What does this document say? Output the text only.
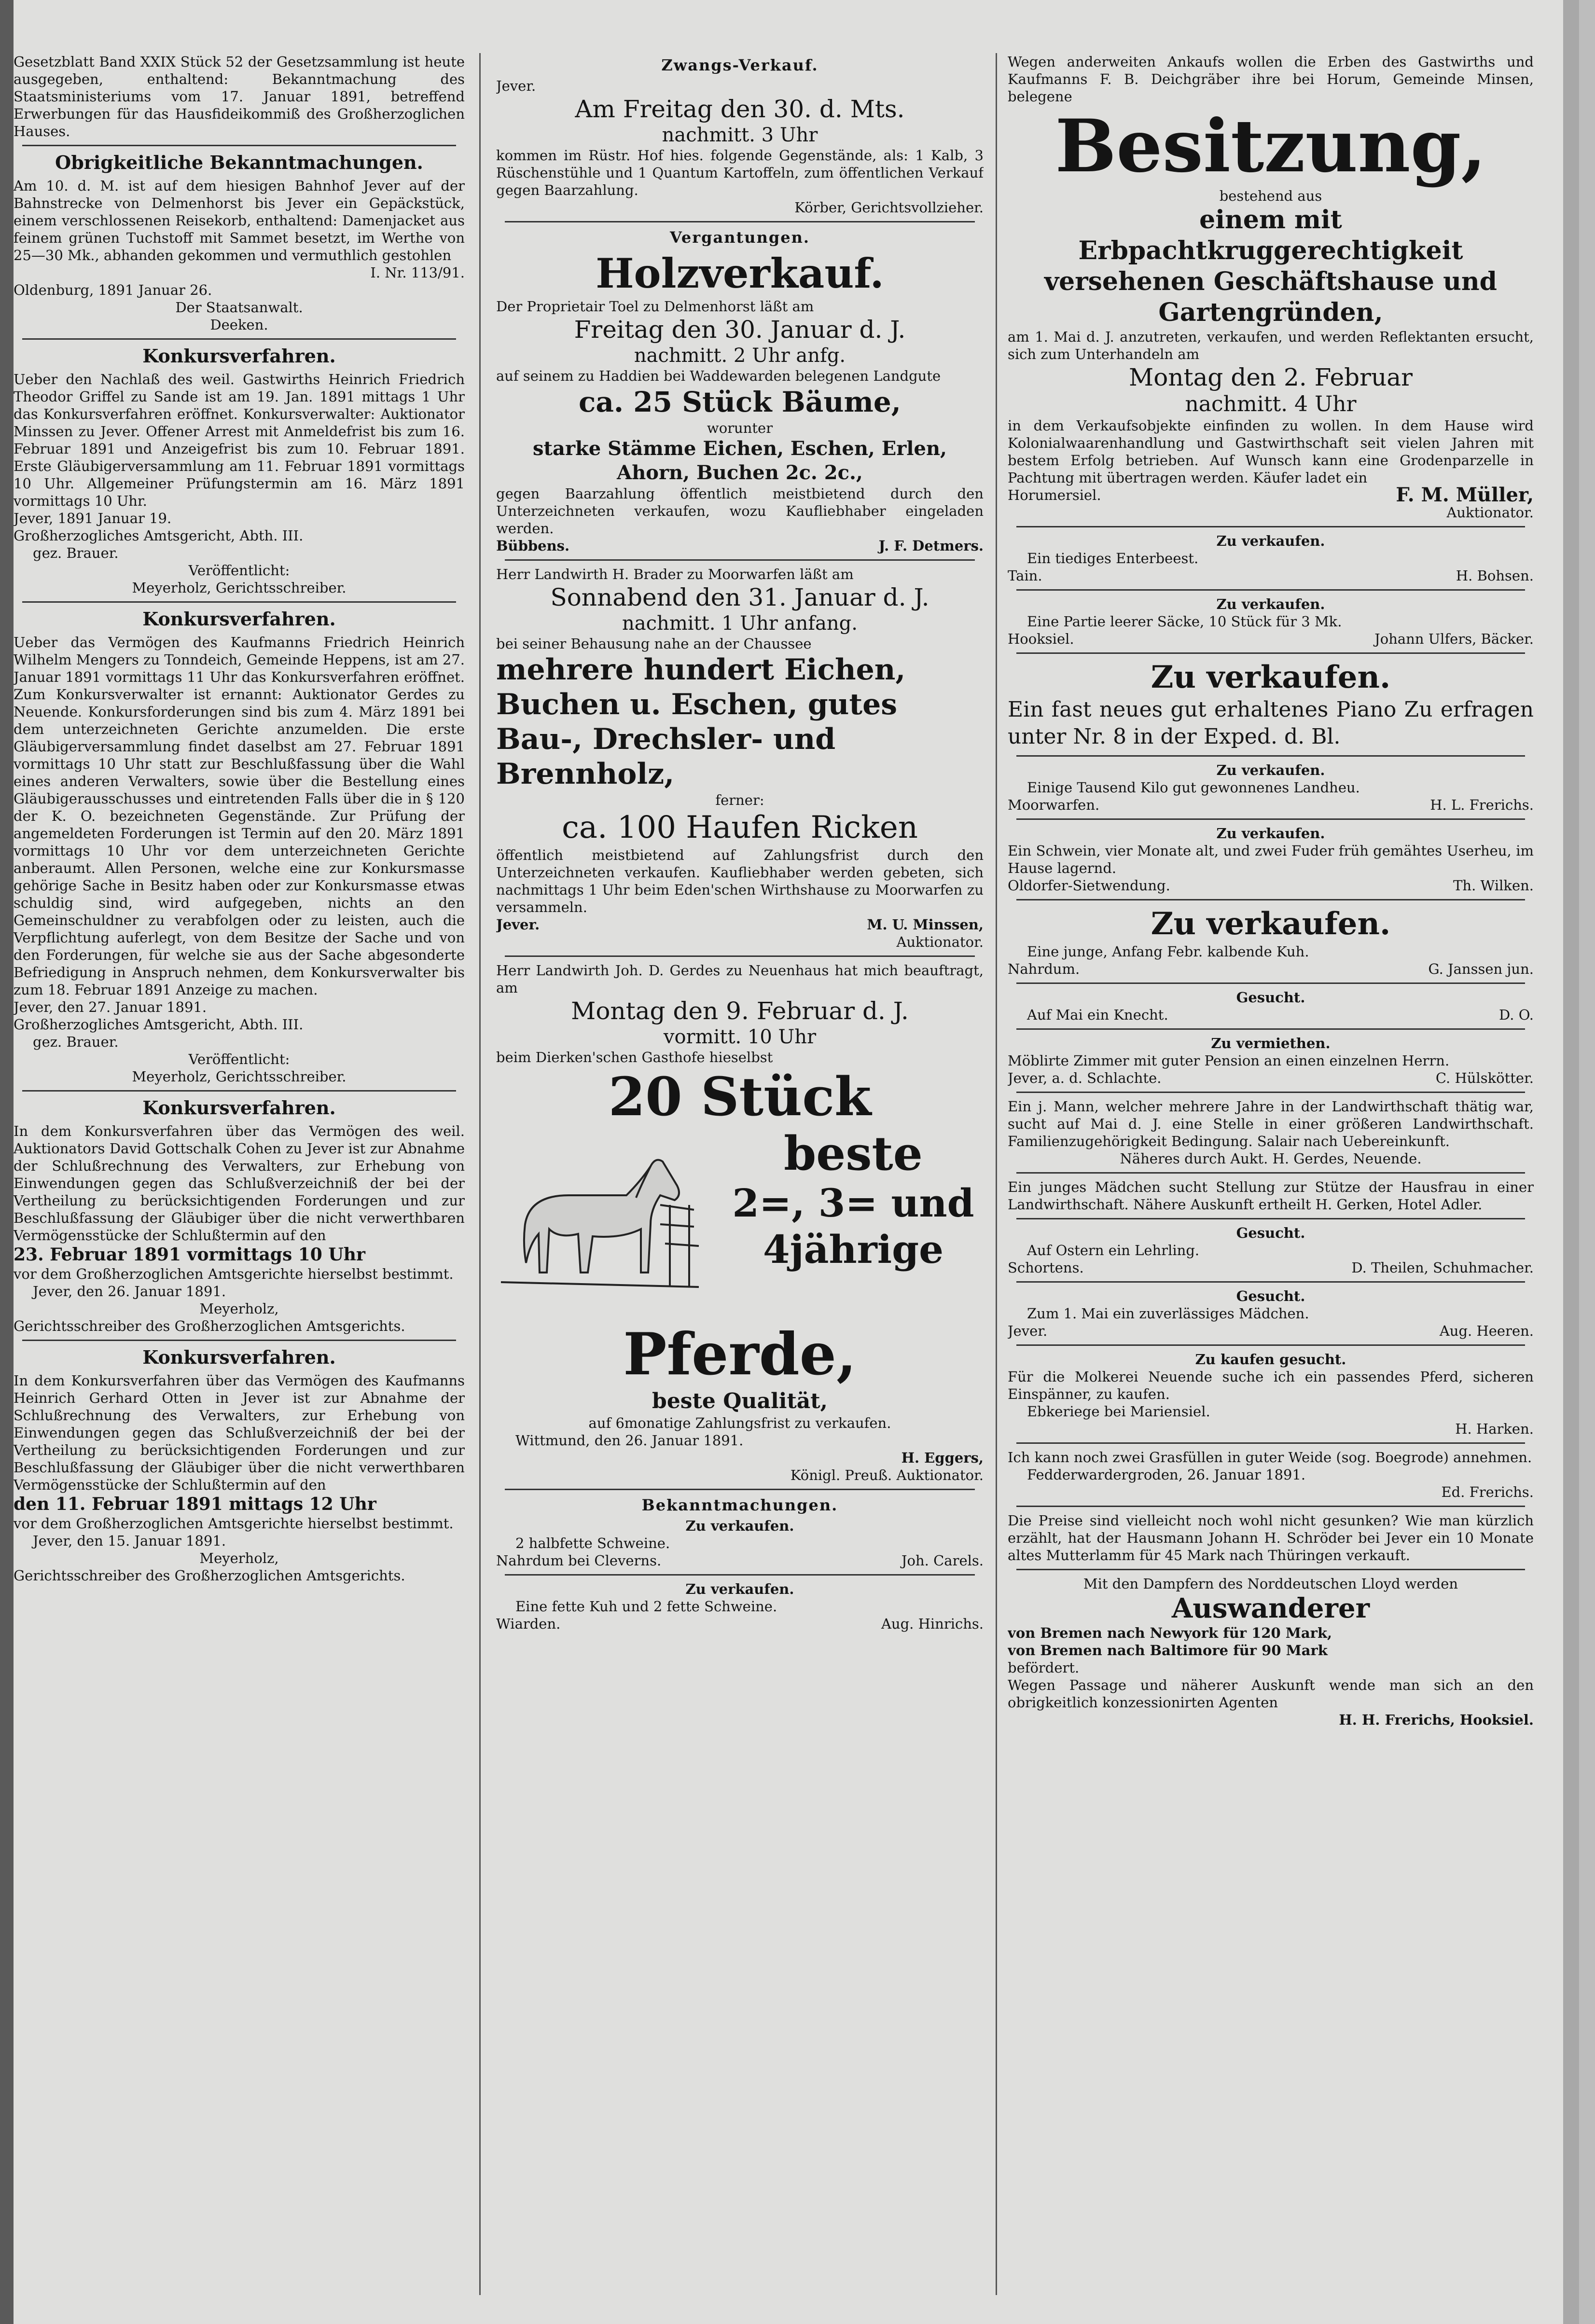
Gesetzblatt Band XXIX Stück 52 der Gesetzsammlung ist heute ausgegeben, enthaltend: Bekanntmachung des Staatsministeriums vom 17. Januar 1891, betreffend Erwerbungen für das Hausfideikommiß des Großherzoglichen Hauses.

Obrigkeitliche Bekanntmachungen.

Am 10. d. M. ist auf dem hiesigen Bahnhof Jever auf der Bahnstrecke von Delmenhorst bis Jever ein Gepäckstück, einem verschlossenen Reisekorb, enthaltend: Damenjacket aus feinem grünen Tuchstoff mit Sammet besetzt, im Werthe von 25—30 Mk., abhanden gekommen und vermuthlich gestohlen

I. Nr. 113/91.

Oldenburg, 1891 Januar 26.

Der Staatsanwalt.

Deeken.

Konkursverfahren.

Ueber den Nachlaß des weil. Gastwirths Heinrich Friedrich Theodor Griffel zu Sande ist am 19. Jan. 1891 mittags 1 Uhr das Konkursverfahren eröffnet. Konkursverwalter: Auktionator Minssen zu Jever. Offener Arrest mit Anmeldefrist bis zum 16. Februar 1891 und Anzeigefrist bis zum 10. Februar 1891. Erste Gläubigerversammlung am 11. Februar 1891 vormittags 10 Uhr. Allgemeiner Prüfungstermin am 16. März 1891 vormittags 10 Uhr.

Jever, 1891 Januar 19.

Großherzogliches Amtsgericht, Abth. III.

gez. Brauer.

Veröffentlicht:

Meyerholz, Gerichtsschreiber.

Konkursverfahren.

Ueber das Vermögen des Kaufmanns Friedrich Heinrich Wilhelm Mengers zu Tonndeich, Gemeinde Heppens, ist am 27. Januar 1891 vormittags 11 Uhr das Konkursverfahren eröffnet. Zum Konkursverwalter ist ernannt: Auktionator Gerdes zu Neuende. Konkursforderungen sind bis zum 4. März 1891 bei dem unterzeichneten Gerichte anzumelden. Die erste Gläubigerversammlung findet daselbst am 27. Februar 1891 vormittags 10 Uhr statt zur Beschlußfassung über die Wahl eines anderen Verwalters, sowie über die Bestellung eines Gläubigerausschusses und eintretenden Falls über die in § 120 der K. O. bezeichneten Gegenstände. Zur Prüfung der angemeldeten Forderungen ist Termin auf den 20. März 1891 vormittags 10 Uhr vor dem unterzeichneten Gerichte anberaumt. Allen Personen, welche eine zur Konkursmasse gehörige Sache in Besitz haben oder zur Konkursmasse etwas schuldig sind, wird aufgegeben, nichts an den Gemeinschuldner zu verabfolgen oder zu leisten, auch die Verpflichtung auferlegt, von dem Besitze der Sache und von den Forderungen, für welche sie aus der Sache abgesonderte Befriedigung in Anspruch nehmen, dem Konkursverwalter bis zum 18. Februar 1891 Anzeige zu machen.

Jever, den 27. Januar 1891.

Großherzogliches Amtsgericht, Abth. III.

gez. Brauer.

Veröffentlicht:

Meyerholz, Gerichtsschreiber.

Konkursverfahren.

In dem Konkursverfahren über das Vermögen des weil. Auktionators David Gottschalk Cohen zu Jever ist zur Abnahme der Schlußrechnung des Verwalters, zur Erhebung von Einwendungen gegen das Schlußverzeichniß der bei der Vertheilung zu berücksichtigenden Forderungen und zur Beschlußfassung der Gläubiger über die nicht verwerthbaren Vermögensstücke der Schlußtermin auf den

23. Februar 1891 vormittags 10 Uhr

vor dem Großherzoglichen Amtsgerichte hierselbst bestimmt.

Jever, den 26. Januar 1891.

Meyerholz,

Gerichtsschreiber des Großherzoglichen Amtsgerichts.

Konkursverfahren.

In dem Konkursverfahren über das Vermögen des Kaufmanns Heinrich Gerhard Otten in Jever ist zur Abnahme der Schlußrechnung des Verwalters, zur Erhebung von Einwendungen gegen das Schlußverzeichniß der bei der Vertheilung zu berücksichtigenden Forderungen und zur Beschlußfassung der Gläubiger über die nicht verwerthbaren Vermögensstücke der Schlußtermin auf den

den 11. Februar 1891 mittags 12 Uhr

vor dem Großherzoglichen Amtsgerichte hierselbst bestimmt.

Jever, den 15. Januar 1891.

Meyerholz,

Gerichtsschreiber des Großherzoglichen Amtsgerichts.

Zwangs-Verkauf.

Jever.

Am Freitag den 30. d. Mts.

nachmitt. 3 Uhr

kommen im Rüstr. Hof hies. folgende Gegenstände, als: 1 Kalb, 3 Rüschenstühle und 1 Quantum Kartoffeln, zum öffentlichen Verkauf gegen Baarzahlung.

Körber, Gerichtsvollzieher.

Vergantungen.
Holzverkauf.

Der Proprietair Toel zu Delmenhorst läßt am

Freitag den 30. Januar d. J.

nachmitt. 2 Uhr anfg.

auf seinem zu Haddien bei Waddewarden belegenen Landgute

ca. 25 Stück Bäume,

worunter

starke Stämme Eichen, Eschen, Erlen,

Ahorn, Buchen 2c. 2c.,

gegen Baarzahlung öffentlich meistbietend durch den Unterzeichneten verkaufen, wozu Kaufliebhaber eingeladen werden.

Bübbens.	J. F. Detmers.

Herr Landwirth H. Brader zu Moorwarfen läßt am

Sonnabend den 31. Januar d. J.

nachmitt. 1 Uhr anfang.

bei seiner Behausung nahe an der Chaussee

mehrere hundert Eichen,

Buchen u. Eschen, gutes

Bau-, Drechsler- und

Brennholz,

ferner:

ca. 100 Haufen Ricken

öffentlich meistbietend auf Zahlungsfrist durch den Unterzeichneten verkaufen. Kaufliebhaber werden gebeten, sich nachmittags 1 Uhr beim Eden'schen Wirthshause zu Moorwarfen zu versammeln.

Jever.	M. U. Minssen,

Auktionator.

Herr Landwirth Joh. D. Gerdes zu Neuenhaus hat mich beauftragt, am

Montag den 9. Februar d. J.

vormitt. 10 Uhr

beim Dierken'schen Gasthofe hieselbst

20 Stück
beste
2=, 3= und
4jährige
Pferde,

beste Qualität,

auf 6monatige Zahlungsfrist zu verkaufen.

Wittmund, den 26. Januar 1891.

H. Eggers,

Königl. Preuß. Auktionator.

Bekanntmachungen.

Zu verkaufen.

2 halbfette Schweine.

Nahrdum bei Cleverns.	Joh. Carels.

Zu verkaufen.

Eine fette Kuh und 2 fette Schweine.

Wiarden.	Aug. Hinrichs.

Wegen anderweiten Ankaufs wollen die Erben des Gastwirths und Kaufmanns F. B. Deichgräber ihre bei Horum, Gemeinde Minsen, belegene

Besitzung,

bestehend aus

einem mit Erbpachtkruggerechtigkeit versehenen Geschäftshause und Gartengründen,

am 1. Mai d. J. anzutreten, verkaufen, und werden Reflektanten ersucht, sich zum Unterhandeln am

Montag den 2. Februar

nachmitt. 4 Uhr

in dem Verkaufsobjekte einfinden zu wollen. In dem Hause wird Kolonialwaarenhandlung und Gastwirthschaft seit vielen Jahren mit bestem Erfolg betrieben. Auf Wunsch kann eine Grodenparzelle in Pachtung mit übertragen werden. Käufer ladet ein

Horumersiel.	F. M. Müller,

Auktionator.

Zu verkaufen.

Ein tiediges Enterbeest.

Tain.	H. Bohsen.

Zu verkaufen.

Eine Partie leerer Säcke, 10 Stück für 3 Mk.

Hooksiel.	Johann Ulfers, Bäcker.
Zu verkaufen.

Ein fast neues gut erhaltenes Piano Zu erfragen unter Nr. 8 in der Exped. d. Bl.

Zu verkaufen.

Einige Tausend Kilo gut gewonnenes Landheu.

Moorwarfen.	H. L. Frerichs.

Zu verkaufen.

Ein Schwein, vier Monate alt, und zwei Fuder früh gemähtes Userheu, im Hause lagernd.

Oldorfer-Sietwendung.	Th. Wilken.
Zu verkaufen.

Eine junge, Anfang Febr. kalbende Kuh.

Nahrdum.	G. Janssen jun.

Gesucht.

Auf Mai ein Knecht.	D. O.

Zu vermiethen.

Möblirte Zimmer mit guter Pension an einen einzelnen Herrn.

Jever, a. d. Schlachte.	C. Hülskötter.

Ein j. Mann, welcher mehrere Jahre in der Landwirthschaft thätig war, sucht auf Mai d. J. eine Stelle in einer größeren Landwirthschaft. Familienzugehörigkeit Bedingung. Salair nach Uebereinkunft.

Näheres durch Aukt. H. Gerdes, Neuende.

Ein junges Mädchen sucht Stellung zur Stütze der Hausfrau in einer Landwirthschaft. Nähere Auskunft ertheilt H. Gerken, Hotel Adler.

Gesucht.

Auf Ostern ein Lehrling.

Schortens.	D. Theilen, Schuhmacher.

Gesucht.

Zum 1. Mai ein zuverlässiges Mädchen.

Jever.	Aug. Heeren.

Zu kaufen gesucht.

Für die Molkerei Neuende suche ich ein passendes Pferd, sicheren Einspänner, zu kaufen.

Ebkeriege bei Mariensiel.

H. Harken.

Ich kann noch zwei Grasfüllen in guter Weide (sog. Boegrode) annehmen.

Fedderwardergroden, 26. Januar 1891.

Ed. Frerichs.

Die Preise sind vielleicht noch wohl nicht gesunken? Wie man kürzlich erzählt, hat der Hausmann Johann H. Schröder bei Jever ein 10 Monate altes Mutterlamm für 45 Mark nach Thüringen verkauft.

Mit den Dampfern des Norddeutschen Lloyd werden

Auswanderer

von Bremen nach Newyork für 120 Mark,

von Bremen nach Baltimore für 90 Mark

befördert.

Wegen Passage und näherer Auskunft wende man sich an den obrigkeitlich konzessionirten Agenten

H. H. Frerichs, Hooksiel.
